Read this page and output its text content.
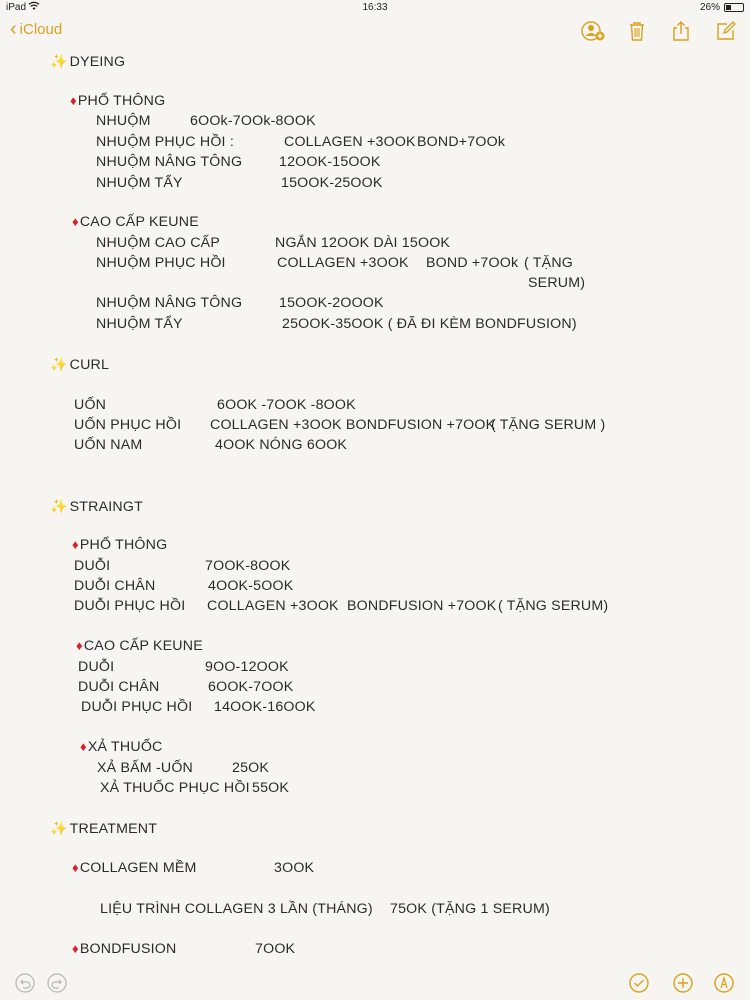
iPad	16:33	26%
‹ iCloud
✨ DYEING
♦PHỔ THÔNG
NHUỘM	6OOk-7OOk-8OOK
NHUỘM PHỤC HỒI :	COLLAGEN +3OOK BOND+7OOk
NHUỘM NÂNG TÔNG	12OOK-15OOK
NHUỘM TẨY	15OOK-25OOK
♦CAO CẤP KEUNE
NHUỘM CAO CẤP	NGẮN 12OOK DÀI 15OOK
NHUỘM PHỤC HỒI	COLLAGEN +3OOK BOND +7OOk ( TẶNG
SERUM)
NHUỘM NÂNG TÔNG	15OOK-2OOOK
NHUỘM TẨY	25OOK-35OOK ( ĐÃ ĐI KÈM BONDFUSION)
✨ CURL
UỐN	6OOK -7OOK -8OOK
UỐN PHỤC HỒI COLLAGEN +3OOK BONDFUSION +7OOK
( TẶNG SERUM )
UỐN NAM	4OOK NÓNG 6OOK
✨ STRAINGT
♦PHỔ THÔNG
DUỖI	7OOK-8OOK
DUỖI CHÂN	4OOK-5OOK
DUỖI PHỤC HỒI COLLAGEN +3OOK BONDFUSION +7OOK ( TẶNG SERUM)
♦CAO CẤP KEUNE
DUỖI	9OO-12OOK
DUỖI CHÂN	6OOK-7OOK
DUỖI PHỤC HỒI 14OOK-16OOK
♦XẢ THUỐC
XẢ BẤM -UỐN	25OK
XẢ THUỐC PHỤC HỒI 55OK
✨ TREATMENT
♦COLLAGEN MỀM	3OOK
LIỆU TRÌNH COLLAGEN 3 LẦN (THÁNG) 75OK (TẶNG 1 SERUM)
♦BONDFUSION	7OOK
